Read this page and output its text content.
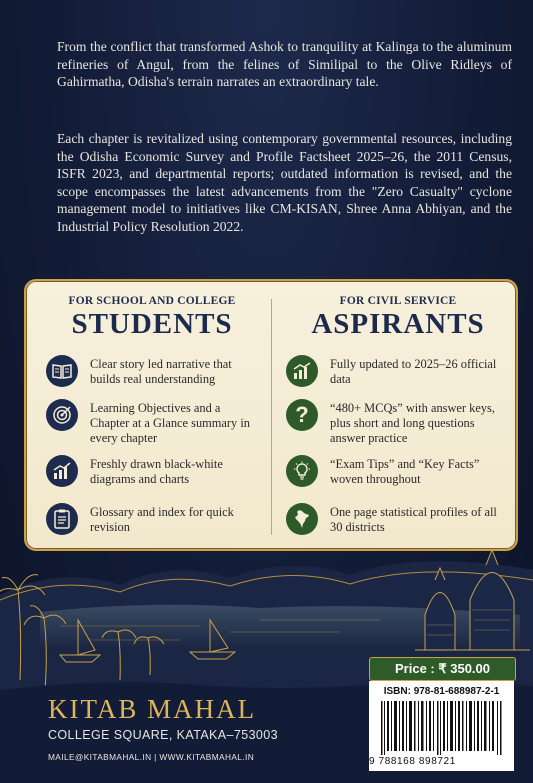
From the conflict that transformed Ashok to tranquility at Kalinga to the aluminum refineries of Angul, from the felines of Similipal to the Olive Ridleys of Gahirmatha, Odisha's terrain narrates an extraordinary tale.

Each chapter is revitalized using contemporary governmental resources, including the Odisha Economic Survey and Profile Factsheet 2025–26, the 2011 Census, ISFR 2023, and departmental reports; outdated information is revised, and the scope encompasses the latest advancements from the "Zero Casualty" cyclone management model to initiatives like CM-KISAN, Shree Anna Abhiyan, and the Industrial Policy Resolution 2022.

FOR SCHOOL AND COLLEGE
STUDENTS
FOR CIVIL SERVICE
ASPIRANTS
Clear story led narrative that builds real understanding
Learning Objectives and a Chapter at a Glance summary in every chapter
Freshly drawn black-white diagrams and charts
Glossary and index for quick revision
Fully updated to 2025–26 official data
? “480+ MCQs” with answer keys, plus short and long questions answer practice
“Exam Tips” and “Key Facts” woven throughout
One page statistical profiles of all 30 districts
Price : ₹ 350.00
ISBN: 978-81-688987-2-1
9 788168 898721
KITAB MAHAL
COLLEGE SQUARE, KATAKA–753003
MAILE@KITABMAHAL.IN | WWW.KITABMAHAL.IN
